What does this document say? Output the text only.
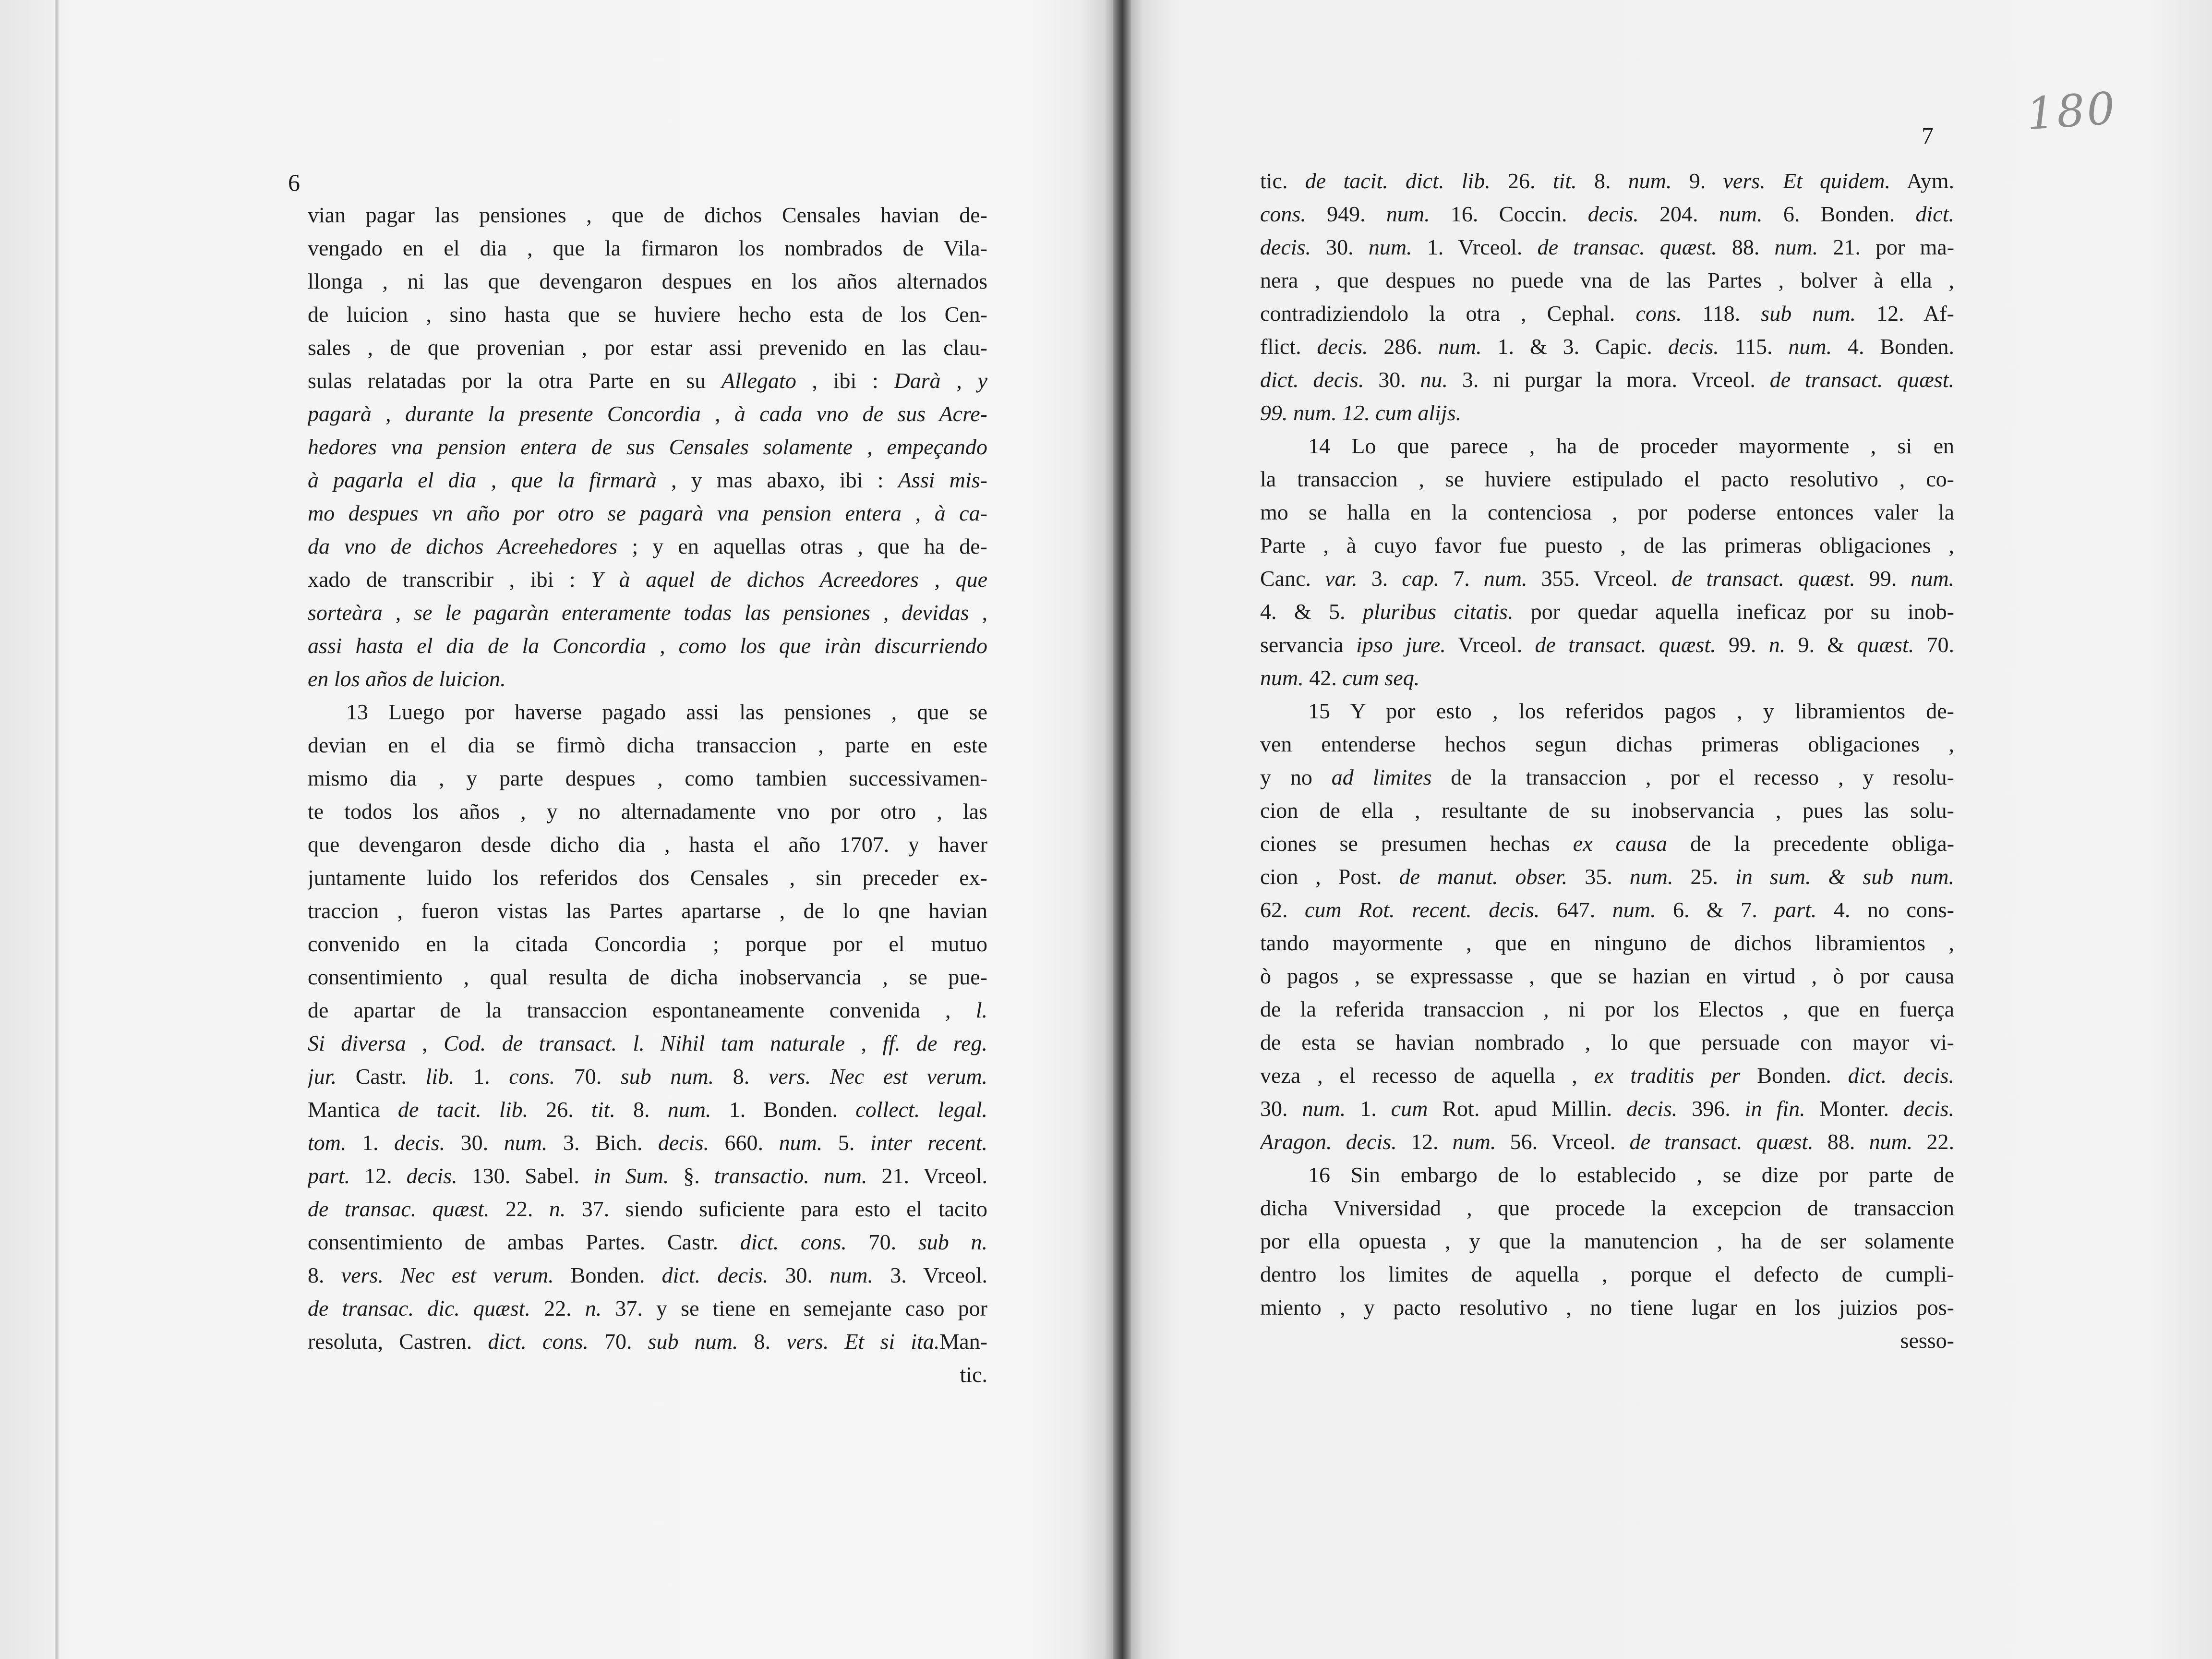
6
7 180
vian pagar las pensiones , que de dichos Censales havian de-
vengado en el dia , que la firmaron los nombrados de Vila-
llonga , ni las que devengaron despues en los años alternados
de luicion , sino hasta que se huviere hecho esta de los Cen-
sales , de que provenian , por estar assi prevenido en las clau-
sulas relatadas por la otra Parte en su Allegato , ibi : Darà , y
pagarà , durante la presente Concordia , à cada vno de sus Acre-
hedores vna pension entera de sus Censales solamente , empeçando
à pagarla el dia , que la firmarà , y mas abaxo, ibi : Assi mis-
mo despues vn año por otro se pagarà vna pension entera , à ca-
da vno de dichos Acreehedores ; y en aquellas otras , que ha de-
xado de transcribir , ibi : Y à aquel de dichos Acreedores , que
sorteàra , se le pagaràn enteramente todas las pensiones , devidas ,
assi hasta el dia de la Concordia , como los que iràn discurriendo
en los años de luicion.
13 Luego por haverse pagado assi las pensiones , que se
devian en el dia se firmò dicha transaccion , parte en este
mismo dia , y parte despues , como tambien successivamen-
te todos los años , y no alternadamente vno por otro , las
que devengaron desde dicho dia , hasta el año 1707. y haver
juntamente luido los referidos dos Censales , sin preceder ex-
traccion , fueron vistas las Partes apartarse , de lo qne havian
convenido en la citada Concordia ; porque por el mutuo
consentimiento , qual resulta de dicha inobservancia , se pue-
de apartar de la transaccion espontaneamente convenida , l.
Si diversa , Cod. de transact. l. Nihil tam naturale , ff. de reg.
jur. Castr. lib. 1. cons. 70. sub num. 8. vers. Nec est verum.
Mantica de tacit. lib. 26. tit. 8. num. 1. Bonden. collect. legal.
tom. 1. decis. 30. num. 3. Bich. decis. 660. num. 5. inter recent.
part. 12. decis. 130. Sabel. in Sum. §. transactio. num. 21. Vrceol.
de transac. quæst. 22. n. 37. siendo suficiente para esto el tacito
consentimiento de ambas Partes. Castr. dict. cons. 70. sub n.
8. vers. Nec est verum. Bonden. dict. decis. 30. num. 3. Vrceol.
de transac. dic. quæst. 22. n. 37. y se tiene en semejante caso por
resoluta, Castren. dict. cons. 70. sub num. 8. vers. Et si ita.Man-
tic. de tacit. dict. lib. 26. tit. 8. num. 9. vers. Et quidem. Aym.
cons. 949. num. 16. Coccin. decis. 204. num. 6. Bonden. dict.
decis. 30. num. 1. Vrceol. de transac. quæst. 88. num. 21. por ma-
nera , que despues no puede vna de las Partes , bolver à ella ,
contradiziendolo la otra , Cephal. cons. 118. sub num. 12. Af-
flict. decis. 286. num. 1. & 3. Capic. decis. 115. num. 4. Bonden.
dict. decis. 30. nu. 3. ni purgar la mora. Vrceol. de transact. quæst.
99. num. 12. cum alijs.
14 Lo que parece , ha de proceder mayormente , si en
la transaccion , se huviere estipulado el pacto resolutivo , co-
mo se halla en la contenciosa , por poderse entonces valer la
Parte , à cuyo favor fue puesto , de las primeras obligaciones ,
Canc. var. 3. cap. 7. num. 355. Vrceol. de transact. quæst. 99. num.
4. & 5. pluribus citatis. por quedar aquella ineficaz por su inob-
servancia ipso jure. Vrceol. de transact. quæst. 99. n. 9. & quæst. 70.
num. 42. cum seq.
15 Y por esto , los referidos pagos , y libramientos de-
ven entenderse hechos segun dichas primeras obligaciones ,
y no ad limites de la transaccion , por el recesso , y resolu-
cion de ella , resultante de su inobservancia , pues las solu-
ciones se presumen hechas ex causa de la precedente obliga-
cion , Post. de manut. obser. 35. num. 25. in sum. & sub num.
62. cum Rot. recent. decis. 647. num. 6. & 7. part. 4. no cons-
tando mayormente , que en ninguno de dichos libramientos ,
ò pagos , se expressasse , que se hazian en virtud , ò por causa
de la referida transaccion , ni por los Electos , que en fuerça
de esta se havian nombrado , lo que persuade con mayor vi-
veza , el recesso de aquella , ex traditis per Bonden. dict. decis.
30. num. 1. cum Rot. apud Millin. decis. 396. in fin. Monter. decis.
Aragon. decis. 12. num. 56. Vrceol. de transact. quæst. 88. num. 22.
16 Sin embargo de lo establecido , se dize por parte de
dicha Vniversidad , que procede la excepcion de transaccion
por ella opuesta , y que la manutencion , ha de ser solamente
dentro los limites de aquella , porque el defecto de cumpli-
miento , y pacto resolutivo , no tiene lugar en los juizios pos-
tic.
sesso-
